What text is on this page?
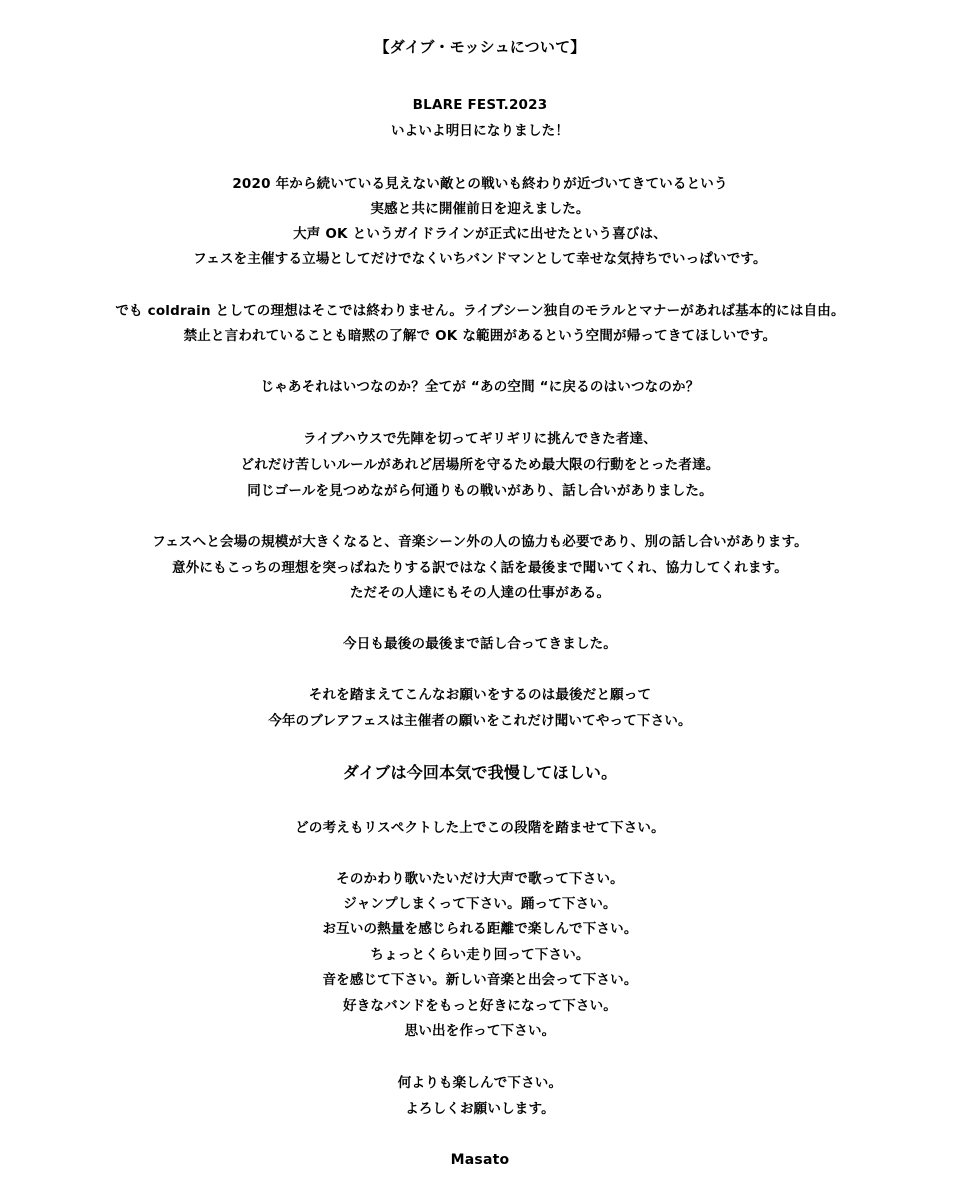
【ダイブ・モッシュについて】
BLARE FEST.2023
いよいよ明日になりました！
2020 年から続いている見えない敵との戦いも終わりが近づいてきているという
実感と共に開催前日を迎えました。
大声 OK というガイドラインが正式に出せたという喜びは、
フェスを主催する立場としてだけでなくいちバンドマンとして幸せな気持ちでいっぱいです。
でも coldrain としての理想はそこでは終わりません。ライブシーン独自のモラルとマナーがあれば基本的には自由。
禁止と言われていることも暗黙の了解で OK な範囲があるという空間が帰ってきてほしいです。
じゃあそれはいつなのか？全てが “あの空間 “に戻るのはいつなのか？
ライブハウスで先陣を切ってギリギリに挑んできた者達、
どれだけ苦しいルールがあれど居場所を守るため最大限の行動をとった者達。
同じゴールを見つめながら何通りもの戦いがあり、話し合いがありました。
フェスへと会場の規模が大きくなると、音楽シーン外の人の協力も必要であり、別の話し合いがあります。
意外にもこっちの理想を突っぱねたりする訳ではなく話を最後まで聞いてくれ、協力してくれます。
ただその人達にもその人達の仕事がある。
今日も最後の最後まで話し合ってきました。
それを踏まえてこんなお願いをするのは最後だと願って
今年のブレアフェスは主催者の願いをこれだけ聞いてやって下さい。
ダイブは今回本気で我慢してほしい。
どの考えもリスペクトした上でこの段階を踏ませて下さい。
そのかわり歌いたいだけ大声で歌って下さい。
ジャンプしまくって下さい。踊って下さい。
お互いの熱量を感じられる距離で楽しんで下さい。
ちょっとくらい走り回って下さい。
音を感じて下さい。新しい音楽と出会って下さい。
好きなバンドをもっと好きになって下さい。
思い出を作って下さい。
何よりも楽しんで下さい。
よろしくお願いします。
Masato
